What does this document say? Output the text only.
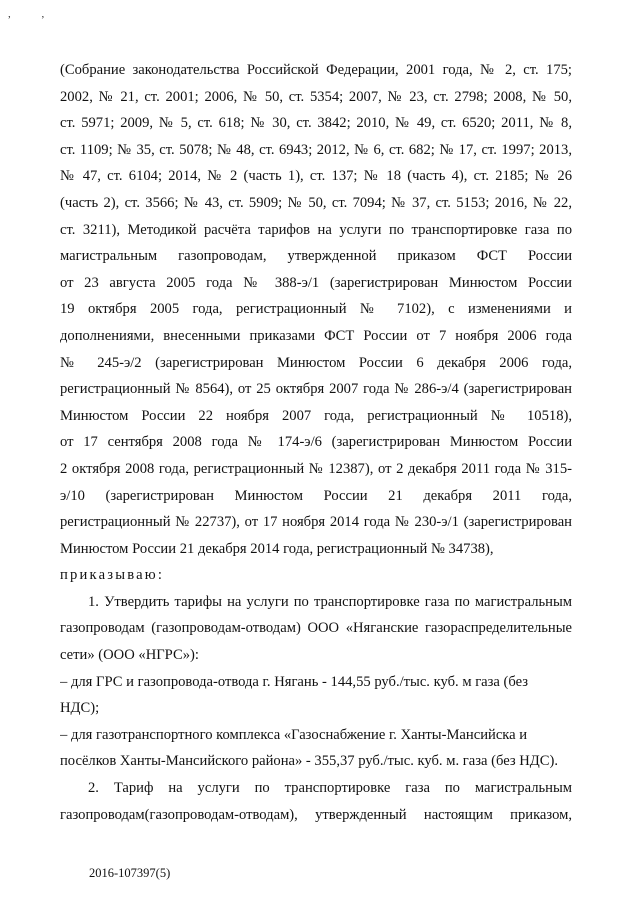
, ,
(Собрание законодательства Российской Федерации, 2001 года, № 2, ст. 175;
2002, № 21, ст. 2001; 2006, № 50, ст. 5354; 2007, № 23, ст. 2798; 2008, № 50,
ст. 5971; 2009, № 5, ст. 618; № 30, ст. 3842; 2010, № 49, ст. 6520; 2011, № 8,
ст. 1109; № 35, ст. 5078; № 48, ст. 6943; 2012, № 6, ст. 682; № 17, ст. 1997; 2013,
№ 47, ст. 6104; 2014, № 2 (часть 1), ст. 137; № 18 (часть 4), ст. 2185; № 26
(часть 2), ст. 3566; № 43, ст. 5909; № 50, ст. 7094; № 37, ст. 5153; 2016, № 22,
ст. 3211), Методикой расчёта тарифов на услуги по транспортировке газа по
магистральным газопроводам, утвержденной приказом ФСТ России
от 23 августа 2005 года № 388-э/1 (зарегистрирован Минюстом России
19 октября 2005 года, регистрационный № 7102), с изменениями и
дополнениями, внесенными приказами ФСТ России от 7 ноября 2006 года
№ 245-э/2 (зарегистрирован Минюстом России 6 декабря 2006 года,
регистрационный № 8564), от 25 октября 2007 года № 286-э/4 (зарегистрирован
Минюстом России 22 ноября 2007 года, регистрационный № 10518),
от 17 сентября 2008 года № 174-э/6 (зарегистрирован Минюстом России
2 октября 2008 года, регистрационный № 12387), от 2 декабря 2011 года № 315-
э/10 (зарегистрирован Минюстом России 21 декабря 2011 года,
регистрационный № 22737), от 17 ноября 2014 года № 230-э/1 (зарегистрирован
Минюстом России 21 декабря 2014 года, регистрационный № 34738),
приказываю:
1. Утвердить тарифы на услуги по транспортировке газа по магистральным
газопроводам (газопроводам-отводам) ООО «Няганские газораспределительные
сети» (ООО «НГРС»):
– для ГРС и газопровода-отвода г. Нягань - 144,55 руб./тыс. куб. м газа (без
НДС);
– для газотранспортного комплекса «Газоснабжение г. Ханты-Мансийска и
посёлков Ханты-Мансийского района» - 355,37 руб./тыс. куб. м. газа (без НДС).
2. Тариф на услуги по транспортировке газа по магистральным
газопроводам(газопроводам-отводам), утвержденный настоящим приказом,
2016-107397(5)
